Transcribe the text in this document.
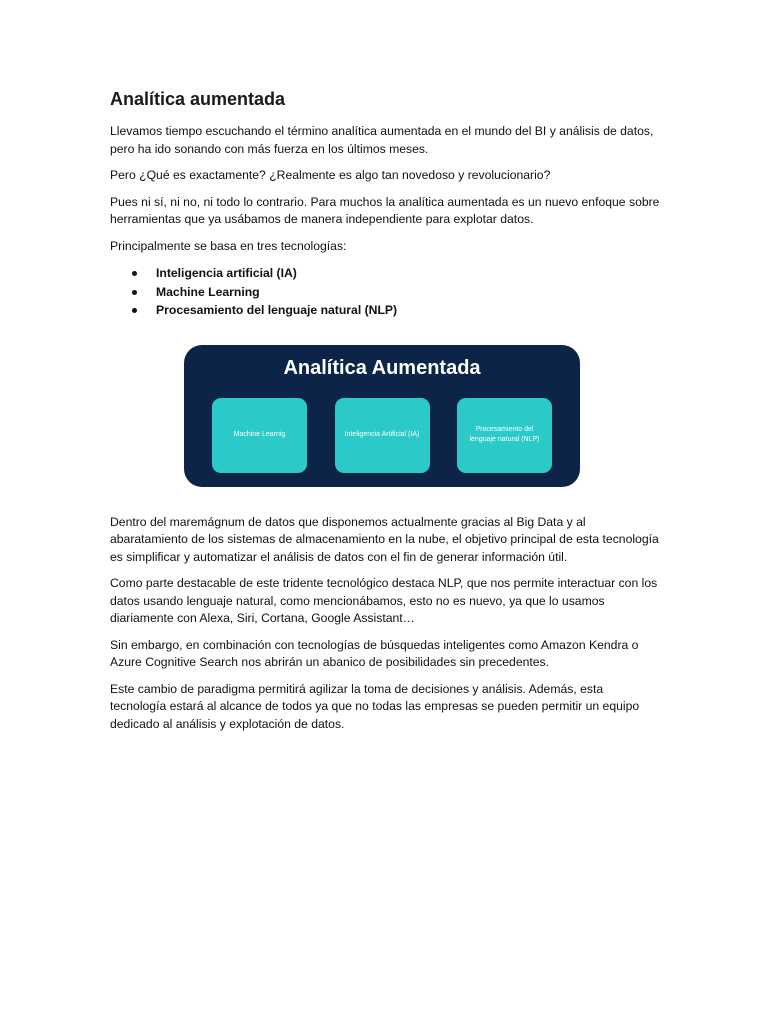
Analítica aumentada

Llevamos tiempo escuchando el término analítica aumentada en el mundo del BI y análisis de datos, pero ha ido sonando con más fuerza en los últimos meses.

Pero ¿Qué es exactamente? ¿Realmente es algo tan novedoso y revolucionario?

Pues ni sí, ni no, ni todo lo contrario. Para muchos la analítica aumentada es un nuevo enfoque sobre herramientas que ya usábamos de manera independiente para explotar datos.

Principalmente se basa en tres tecnologías:

Inteligencia artificial (IA)
Machine Learning
Procesamiento del lenguaje natural (NLP)
Analítica Aumentada
Machine Learnig	Inteligencia Artificial (IA)
Procesamiento del lenguaje natural (NLP)

Dentro del maremágnum de datos que disponemos actualmente gracias al Big Data y al abaratamiento de los sistemas de almacenamiento en la nube, el objetivo principal de esta tecnología es simplificar y automatizar el análisis de datos con el fin de generar información útil.

Como parte destacable de este tridente tecnológico destaca NLP, que nos permite interactuar con los datos usando lenguaje natural, como mencionábamos, esto no es nuevo, ya que lo usamos diariamente con Alexa, Siri, Cortana, Google Assistant…

Sin embargo, en combinación con tecnologías de búsquedas inteligentes como Amazon Kendra o Azure Cognitive Search nos abrirán un abanico de posibilidades sin precedentes.

Este cambio de paradigma permitirá agilizar la toma de decisiones y análisis. Además, esta tecnología estará al alcance de todos ya que no todas las empresas se pueden permitir un equipo dedicado al análisis y explotación de datos.
